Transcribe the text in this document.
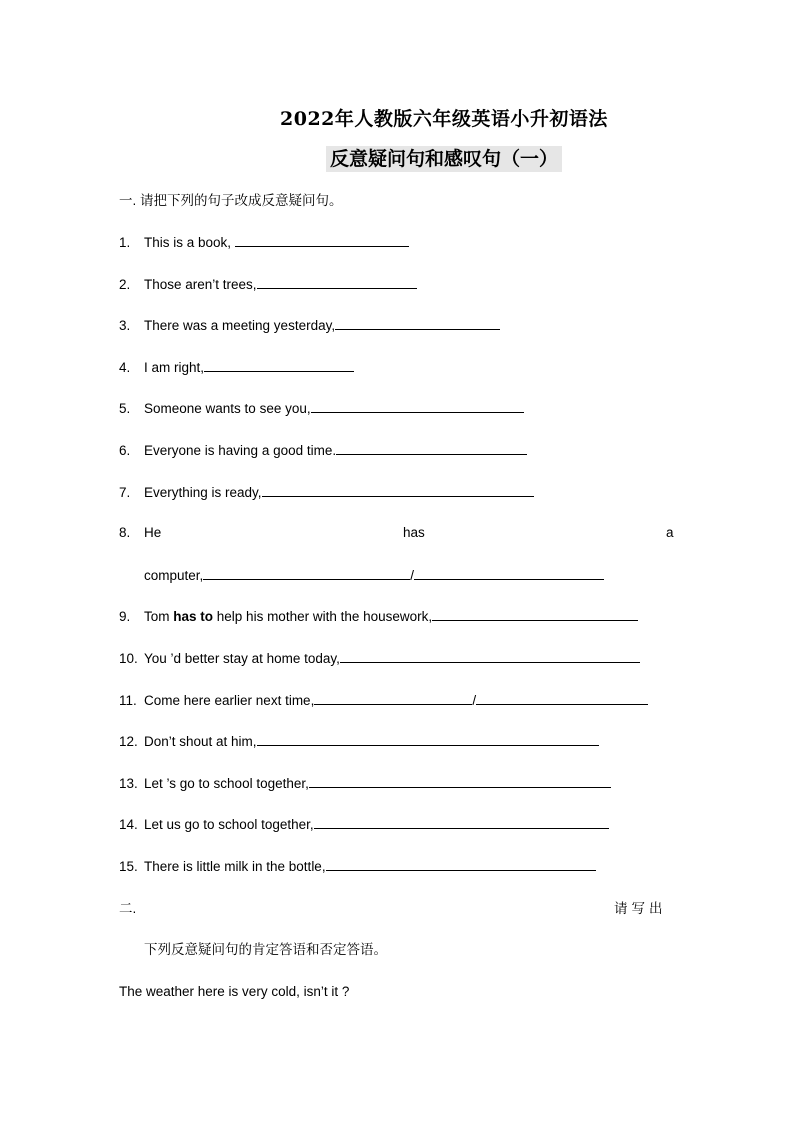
2022年人教版六年级英语小升初语法
反意疑问句和感叹句（一）
一. 请把下列的句子改成反意疑问句。
1. This is a book,
2. Those aren’t trees,
3. There was a meeting yesterday,
4. I am right,
5. Someone wants to see you,
6. Everyone is having a good time.
7. Everything is ready,
8. He	has	a
computer,	/
9. Tom has to help his mother with the housework,
10. You ’d better stay at home today,
11. Come here earlier next time,	/
12. Don’t shout at him,
13. Let ’s go to school together,
14. Let us go to school together,
15. There is little milk in the bottle,
二.	请写出
下列反意疑问句的肯定答语和否定答语。
The weather here is very cold, isn’t it ?
